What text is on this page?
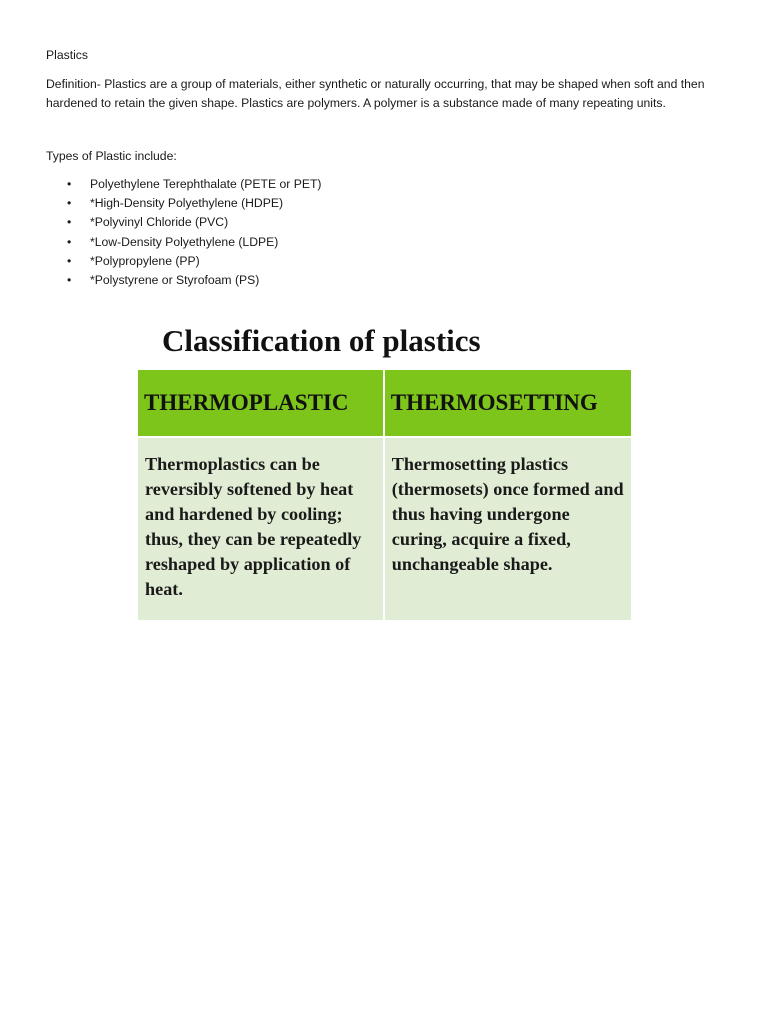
Plastics

Definition- Plastics are a group of materials, either synthetic or naturally occurring, that may be shaped when soft and then hardened to retain the given shape. Plastics are polymers. A polymer is a substance made of many repeating units.

Types of Plastic include:

• Polyethylene Terephthalate (PETE or PET)
• *High-Density Polyethylene (HDPE)
• *Polyvinyl Chloride (PVC)
• *Low-Density Polyethylene (LDPE)
• *Polypropylene (PP)
• *Polystyrene or Styrofoam (PS)
Classification of plastics
THERMOPLASTIC	THERMOSETTING
Thermoplastics can be reversibly softened by heat and hardened by cooling; thus, they can be repeatedly reshaped by application of heat.	Thermosetting plastics (thermosets) once formed and thus having undergone curing, acquire a fixed, unchangeable shape.
